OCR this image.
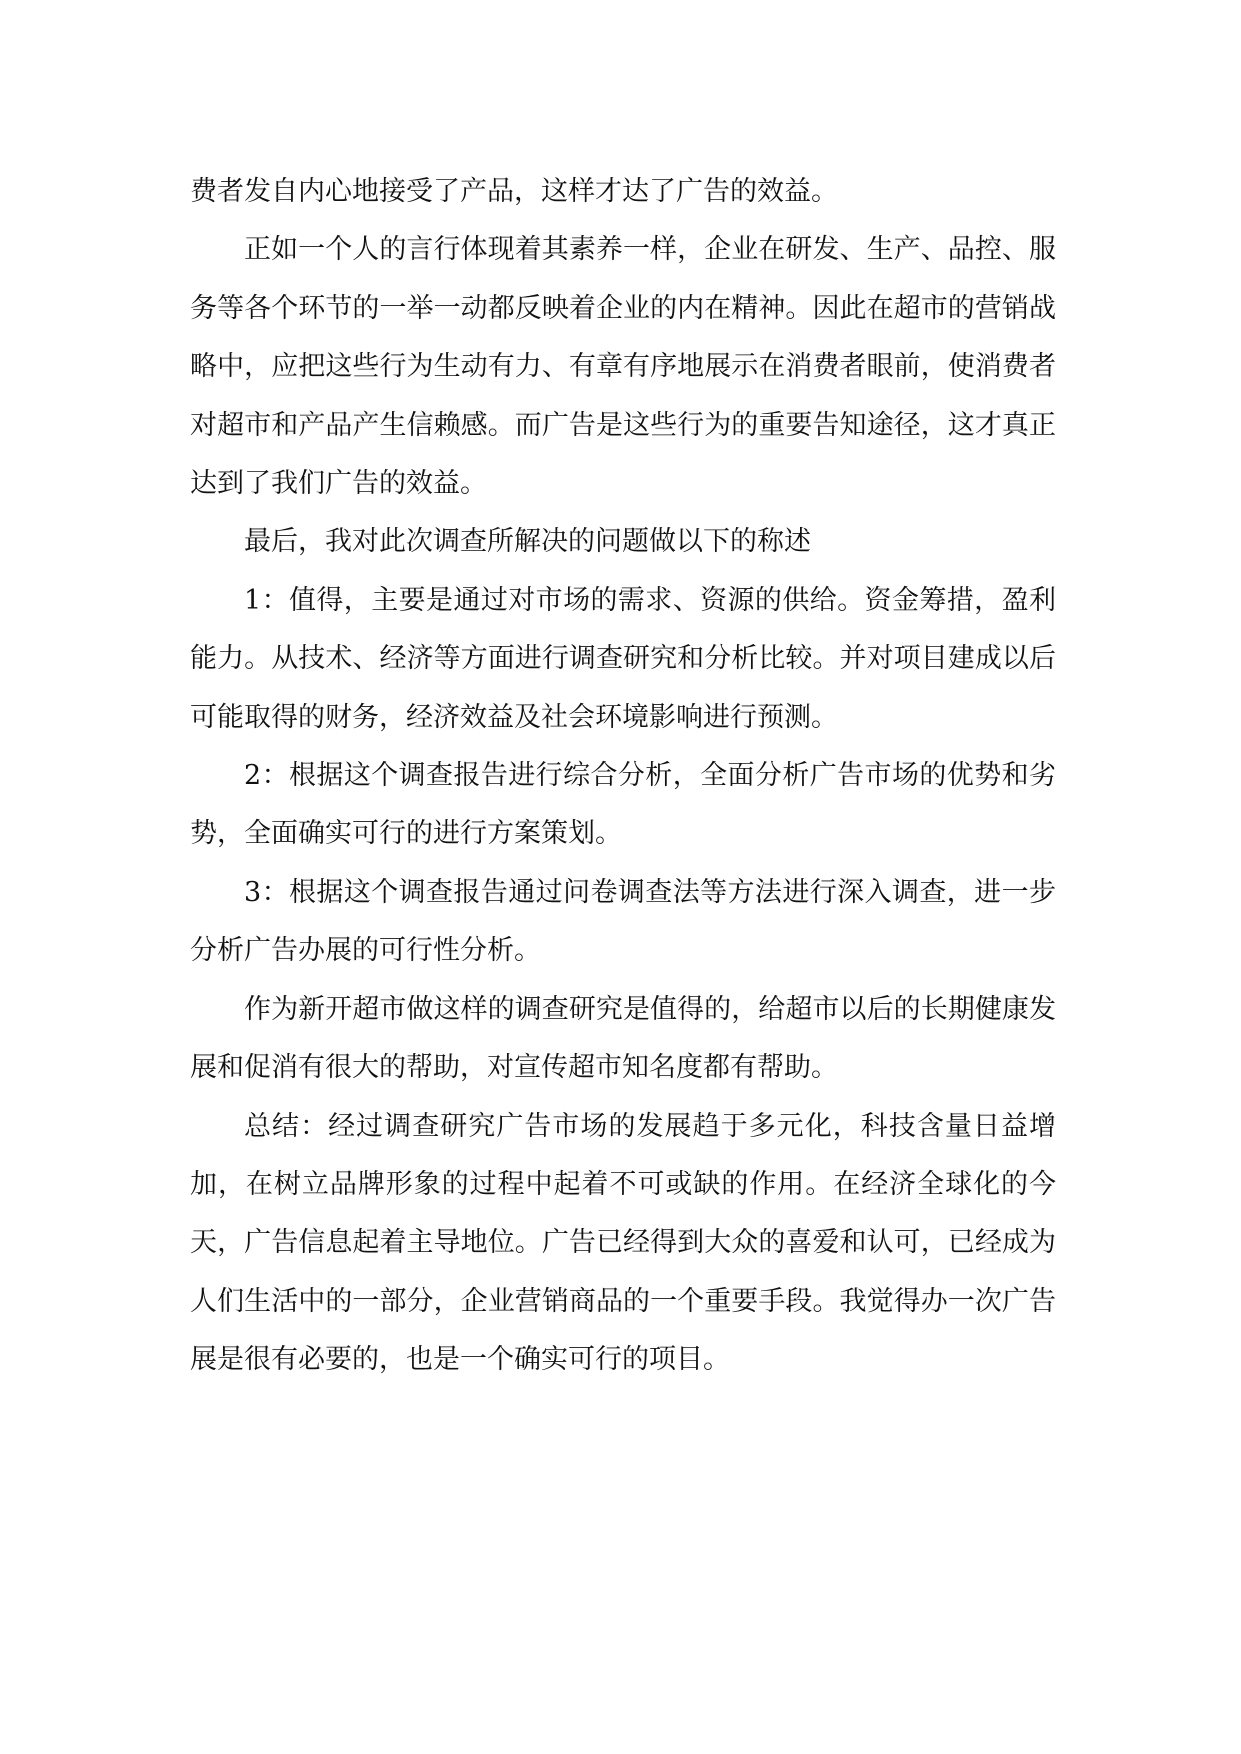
费者发自内心地接受了产品，这样才达了广告的效益。

正如一个人的言行体现着其素养一样，企业在研发、生产、品控、服务等各个环节的一举一动都反映着企业的内在精神。因此在超市的营销战略中，应把这些行为生动有力、有章有序地展示在消费者眼前，使消费者对超市和产品产生信赖感。而广告是这些行为的重要告知途径，这才真正达到了我们广告的效益。

最后，我对此次调查所解决的问题做以下的称述

1：值得，主要是通过对市场的需求、资源的供给。资金筹措，盈利能力。从技术、经济等方面进行调查研究和分析比较。并对项目建成以后可能取得的财务，经济效益及社会环境影响进行预测。

2：根据这个调查报告进行综合分析，全面分析广告市场的优势和劣势，全面确实可行的进行方案策划。

3：根据这个调查报告通过问卷调查法等方法进行深入调查，进一步分析广告办展的可行性分析。

作为新开超市做这样的调查研究是值得的，给超市以后的长期健康发展和促消有很大的帮助，对宣传超市知名度都有帮助。

总结：经过调查研究广告市场的发展趋于多元化，科技含量日益增加，在树立品牌形象的过程中起着不可或缺的作用。在经济全球化的今天，广告信息起着主导地位。广告已经得到大众的喜爱和认可，已经成为人们生活中的一部分，企业营销商品的一个重要手段。我觉得办一次广告展是很有必要的，也是一个确实可行的项目。
